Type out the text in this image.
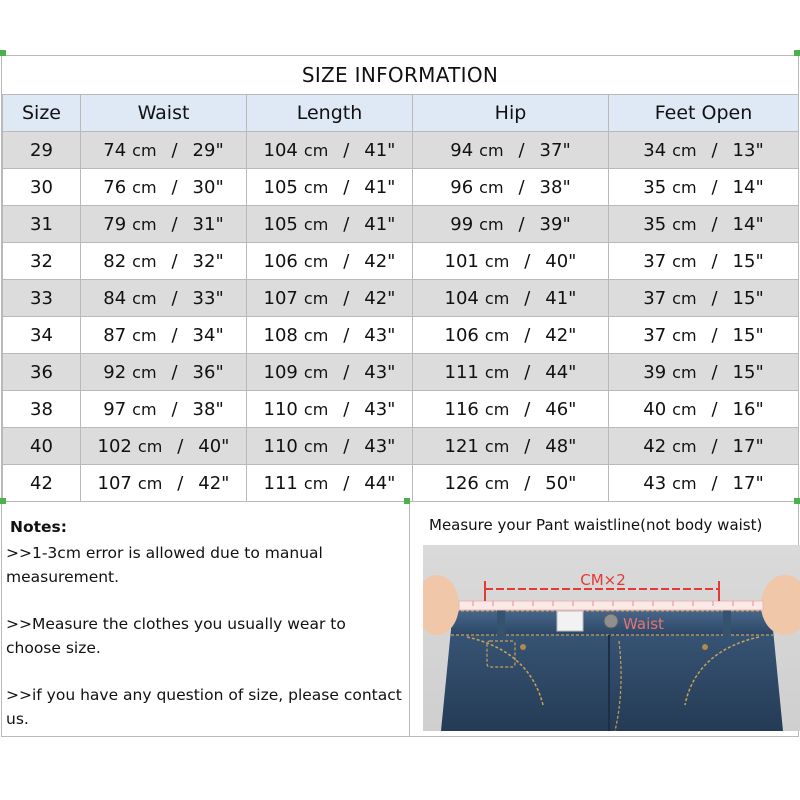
SIZE INFORMATION
Size	Waist	Length	Hip	Feet Open
29	74 cm / 29"	104 cm / 41"	94 cm / 37"	34 cm / 13"

30	76 cm / 30"	105 cm / 41"	96 cm / 38"	35 cm / 14"

31	79 cm / 31"	105 cm / 41"	99 cm / 39"	35 cm / 14"

32	82 cm / 32"	106 cm / 42"	101 cm / 40"	37 cm / 15"

33	84 cm / 33"	107 cm / 42"	104 cm / 41"	37 cm / 15"

34	87 cm / 34"	108 cm / 43"	106 cm / 42"	37 cm / 15"

36	92 cm / 36"	109 cm / 43"	111 cm / 44"	39 cm / 15"

38	97 cm / 38"	110 cm / 43"	116 cm / 46"	40 cm / 16"

40	102 cm / 40"	110 cm / 43"	121 cm / 48"	42 cm / 17"

42	107 cm / 42"	111 cm / 44"	126 cm / 50"	43 cm / 17"
Notes:

>>1-3cm error is allowed due to manual measurement.

>>Measure the clothes you usually wear to choose size.

>>if you have any question of size, please contact us.

Measure your Pant waistline(not body waist)
CM×2
Waist
